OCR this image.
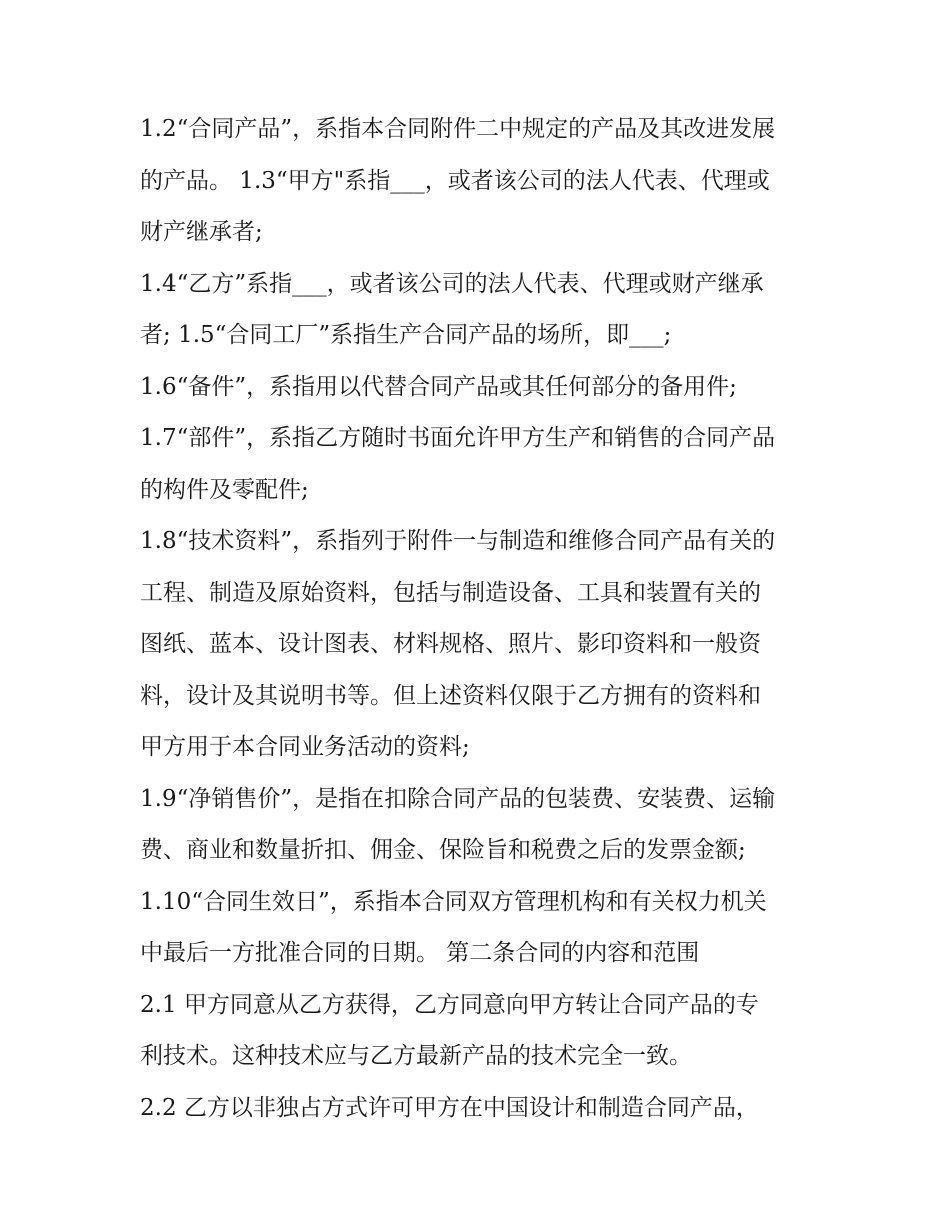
1.2“合同产品”，系指本合同附件二中规定的产品及其改进发展
的产品。 1.3“甲方"系指___，或者该公司的法人代表、代理或
财产继承者;
1.4“乙方”系指___，或者该公司的法人代表、代理或财产继承
者; 1.5“合同工厂”系指生产合同产品的场所，即___;
1.6“备件”，系指用以代替合同产品或其任何部分的备用件;
1.7“部件”，系指乙方随时书面允许甲方生产和销售的合同产品
的构件及零配件;
1.8“技术资料”，系指列于附件一与制造和维修合同产品有关的
工程、制造及原始资料，包括与制造设备、工具和装置有关的
图纸、蓝本、设计图表、材料规格、照片、影印资料和一般资
料，设计及其说明书等。但上述资料仅限于乙方拥有的资料和
甲方用于本合同业务活动的资料;
1.9“净销售价”，是指在扣除合同产品的包装费、安装费、运输
费、商业和数量折扣、佣金、保险旨和税费之后的发票金额;
1.10“合同生效日”，系指本合同双方管理机构和有关权力机关
中最后一方批准合同的日期。 第二条合同的内容和范围
2.1 甲方同意从乙方获得，乙方同意向甲方转让合同产品的专
利技术。这种技术应与乙方最新产品的技术完全一致。
2.2 乙方以非独占方式许可甲方在中国设计和制造合同产品，
